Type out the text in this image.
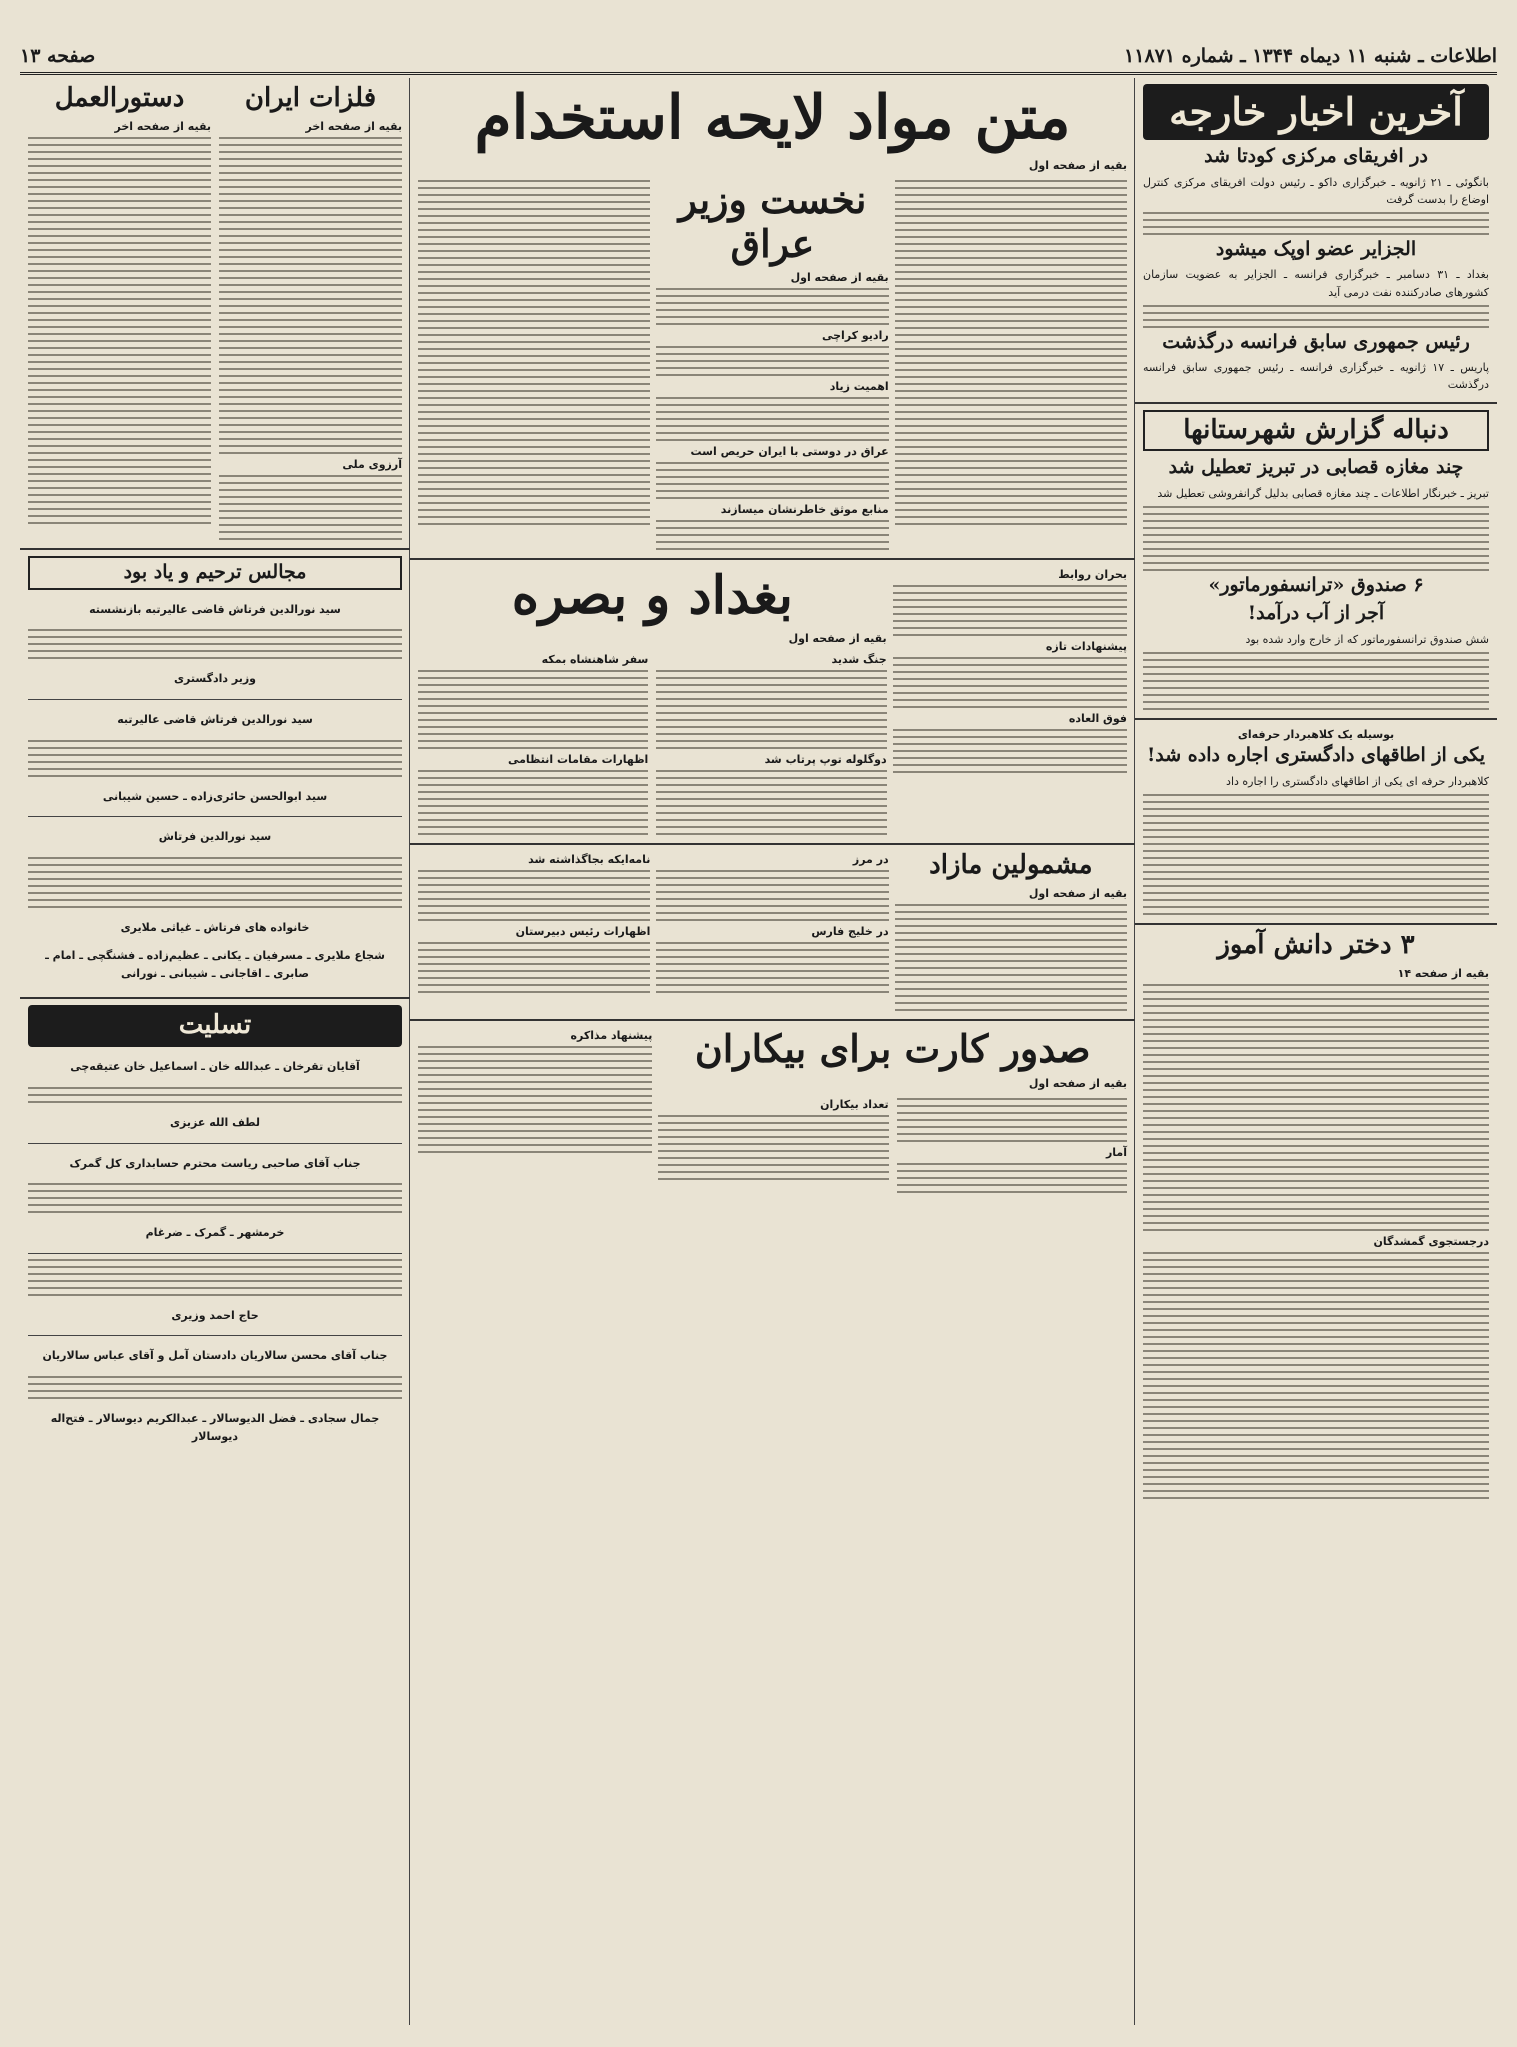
اطلاعات ـ شنبه ۱۱ دیماه ۱۳۴۴ ـ شماره ۱۱۸۷۱
صفحه ۱۳
آخرین اخبار خارجه
در افریقای مرکزی کودتا شد

بانگوئی ـ ۲۱ ژانویه ـ خبرگزاری داکو ـ رئیس دولت افریقای مرکزی کنترل اوضاع را بدست گرفت

الجزایر عضو اوپک میشود

بغداد ـ ۳۱ دسامبر ـ خبرگزاری فرانسه ـ الجزایر به عضویت سازمان کشورهای صادرکننده نفت درمی آید

رئیس جمهوری سابق فرانسه درگذشت

پاریس ـ ۱۷ ژانویه ـ خبرگزاری فرانسه ـ رئیس جمهوری سابق فرانسه درگذشت

دنباله گزارش شهرستانها
چند مغازه قصابی در تبریز تعطیل شد

تبریز ـ خبرنگار اطلاعات ـ چند مغازه قصابی بدلیل گرانفروشی تعطیل شد

۶ صندوق «ترانسفورماتور»
آجر از آب درآمد!

شش صندوق ترانسفورماتور که از خارج وارد شده بود

بوسیله یک کلاهبردار حرفه‌ای
یکی از اطاقهای دادگستری اجاره داده شد!

کلاهبردار حرفه ای یکی از اطاقهای دادگستری را اجاره داد

۳ دختر دانش آموز

بقیه از صفحه ۱۴

درجستجوی گمشدگان
متن مواد لایحه استخدام

بقیه از صفحه اول

نخست وزیر عراق

بقیه از صفحه اول

رادیو کراچی
اهمیت زیاد
عراق در دوستی با ایران حریص است
منابع موثق خاطرنشان میسازند
بحران روابط
پیشنهادات تازه
فوق العاده
بغداد و بصره

بقیه از صفحه اول

جنگ شدید
دوگلوله توپ پرتاب شد
سفر شاهنشاه بمکه
اظهارات مقامات انتظامی
مشمولین مازاد

بقیه از صفحه اول

در مرز
در خلیج فارس
نامه‌ایکه بجاگذاشته شد
اظهارات رئیس دبیرستان
صدور کارت برای بیکاران

بقیه از صفحه اول

آمار
تعداد بیکاران
پیشنهاد مذاکره
فلزات ایران

بقیه از صفحه اخر

آرزوی ملی
دستورالعمل

بقیه از صفحه اخر

مجالس ترحیم و یاد بود

سید نورالدین فرتاش قاضی عالیرتبه بازنشسته

وزیر دادگستری

سید نورالدین فرتاش قاضی عالیرتبه

سید ابوالحسن حائری‌زاده ـ حسین شیبانی

سید نورالدین فرتاش

خانواده های فرتاش ـ غیاثی ملایری

شجاع ملایری ـ مسرفیان ـ یکانی ـ عظیم‌زاده ـ فشنگچی ـ امام ـ صابری ـ اقاجانی ـ شیبانی ـ نورانی

تسلیت

آقایان تقرخان ـ عبدالله خان ـ اسماعیل خان عتیقه‌چی

لطف الله عزیزی

جناب آقای صاحبی ریاست محترم حسابداری کل گمرک

خرمشهر ـ گمرک ـ ضرغام

حاج احمد وزیری

جناب آقای محسن سالاریان دادستان آمل و آقای عباس سالاریان

جمال سجادی ـ فضل الدیوسالار ـ عبدالکریم دیوسالار ـ فتح‌اله دیوسالار
